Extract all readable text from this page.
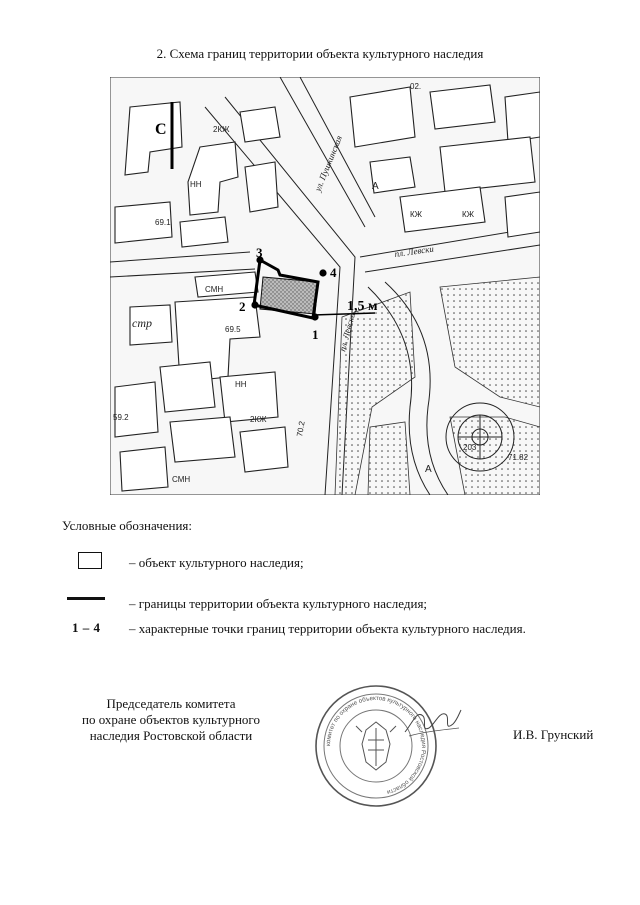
2. Схема границ территории объекта культурного наследия
1
2
3
4
1,5 м
С
ул. Пушкинская
пл. Левски
пл. Левски
стр
69.1
69.5
70.2
59.2
71.82
203
02.
СМН
СМН
2КЖ
2КЖ
КЖ	КЖ
НН
НН
А
А
Условные обозначения:
– объект культурного наследия;
– границы территории объекта культурного наследия;
1 – 4 – характерные точки границ территории объекта культурного наследия.
Председатель комитета
по охране объектов культурного
наследия Ростовской области
комитет по охране объектов культурного наследия Ростовской области
И.В. Грунский
